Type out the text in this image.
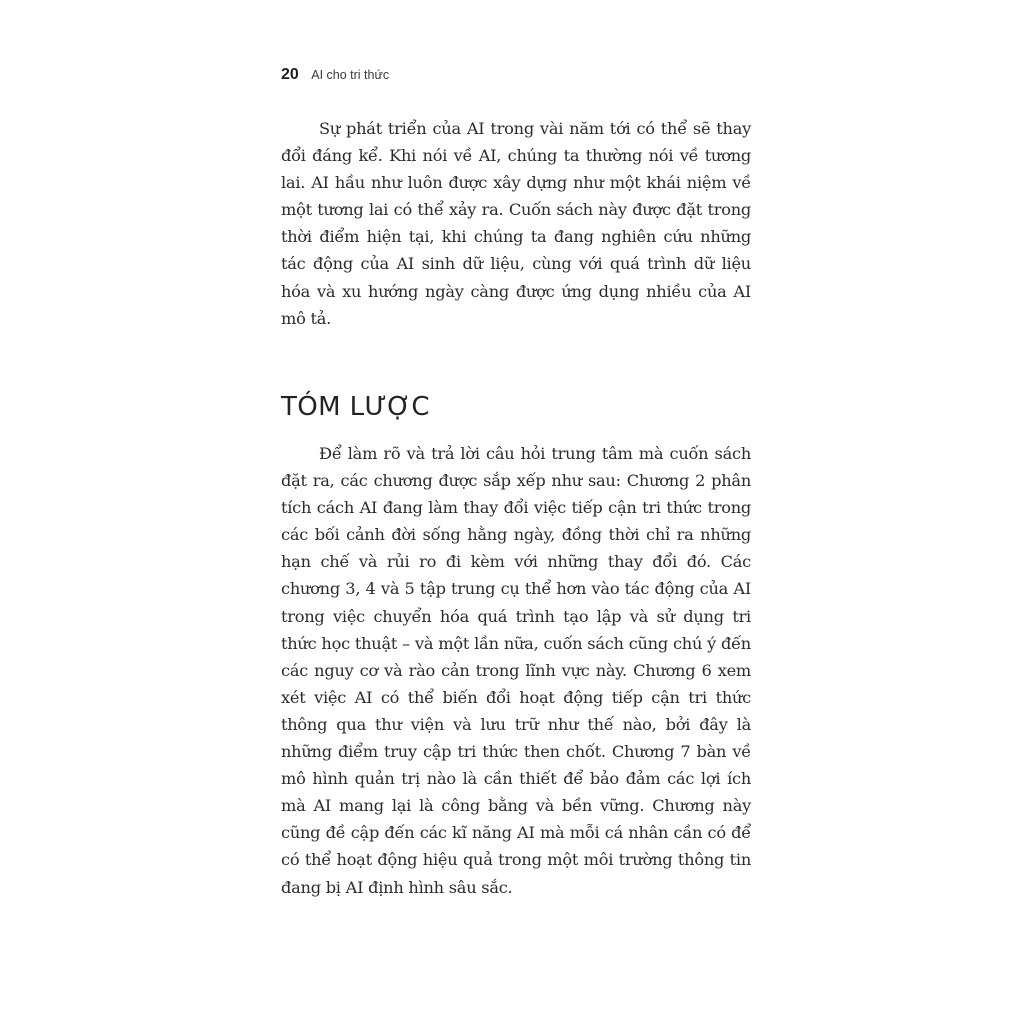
20 AI cho tri thức

Sự phát triển của AI trong vài năm tới có thể sẽ thay đổi đáng kể. Khi nói về AI, chúng ta thường nói về tương lai. AI hầu như luôn được xây dựng như một khái niệm về một tương lai có thể xảy ra. Cuốn sách này được đặt trong thời điểm hiện tại, khi chúng ta đang nghiên cứu những tác động của AI sinh dữ liệu, cùng với quá trình dữ liệu hóa và xu hướng ngày càng được ứng dụng nhiều của AI mô tả.

TÓM LƯỢC

Để làm rõ và trả lời câu hỏi trung tâm mà cuốn sách đặt ra, các chương được sắp xếp như sau: Chương 2 phân tích cách AI đang làm thay đổi việc tiếp cận tri thức trong các bối cảnh đời sống hằng ngày, đồng thời chỉ ra những hạn chế và rủi ro đi kèm với những thay đổi đó. Các chương 3, 4 và 5 tập trung cụ thể hơn vào tác động của AI trong việc chuyển hóa quá trình tạo lập và sử dụng tri thức học thuật – và một lần nữa, cuốn sách cũng chú ý đến các nguy cơ và rào cản trong lĩnh vực này. Chương 6 xem xét việc AI có thể biến đổi hoạt động tiếp cận tri thức thông qua thư viện và lưu trữ như thế nào, bởi đây là những điểm truy cập tri thức then chốt. Chương 7 bàn về mô hình quản trị nào là cần thiết để bảo đảm các lợi ích mà AI mang lại là công bằng và bền vững. Chương này cũng đề cập đến các kĩ năng AI mà mỗi cá nhân cần có để có thể hoạt động hiệu quả trong một môi trường thông tin đang bị AI định hình sâu sắc.
